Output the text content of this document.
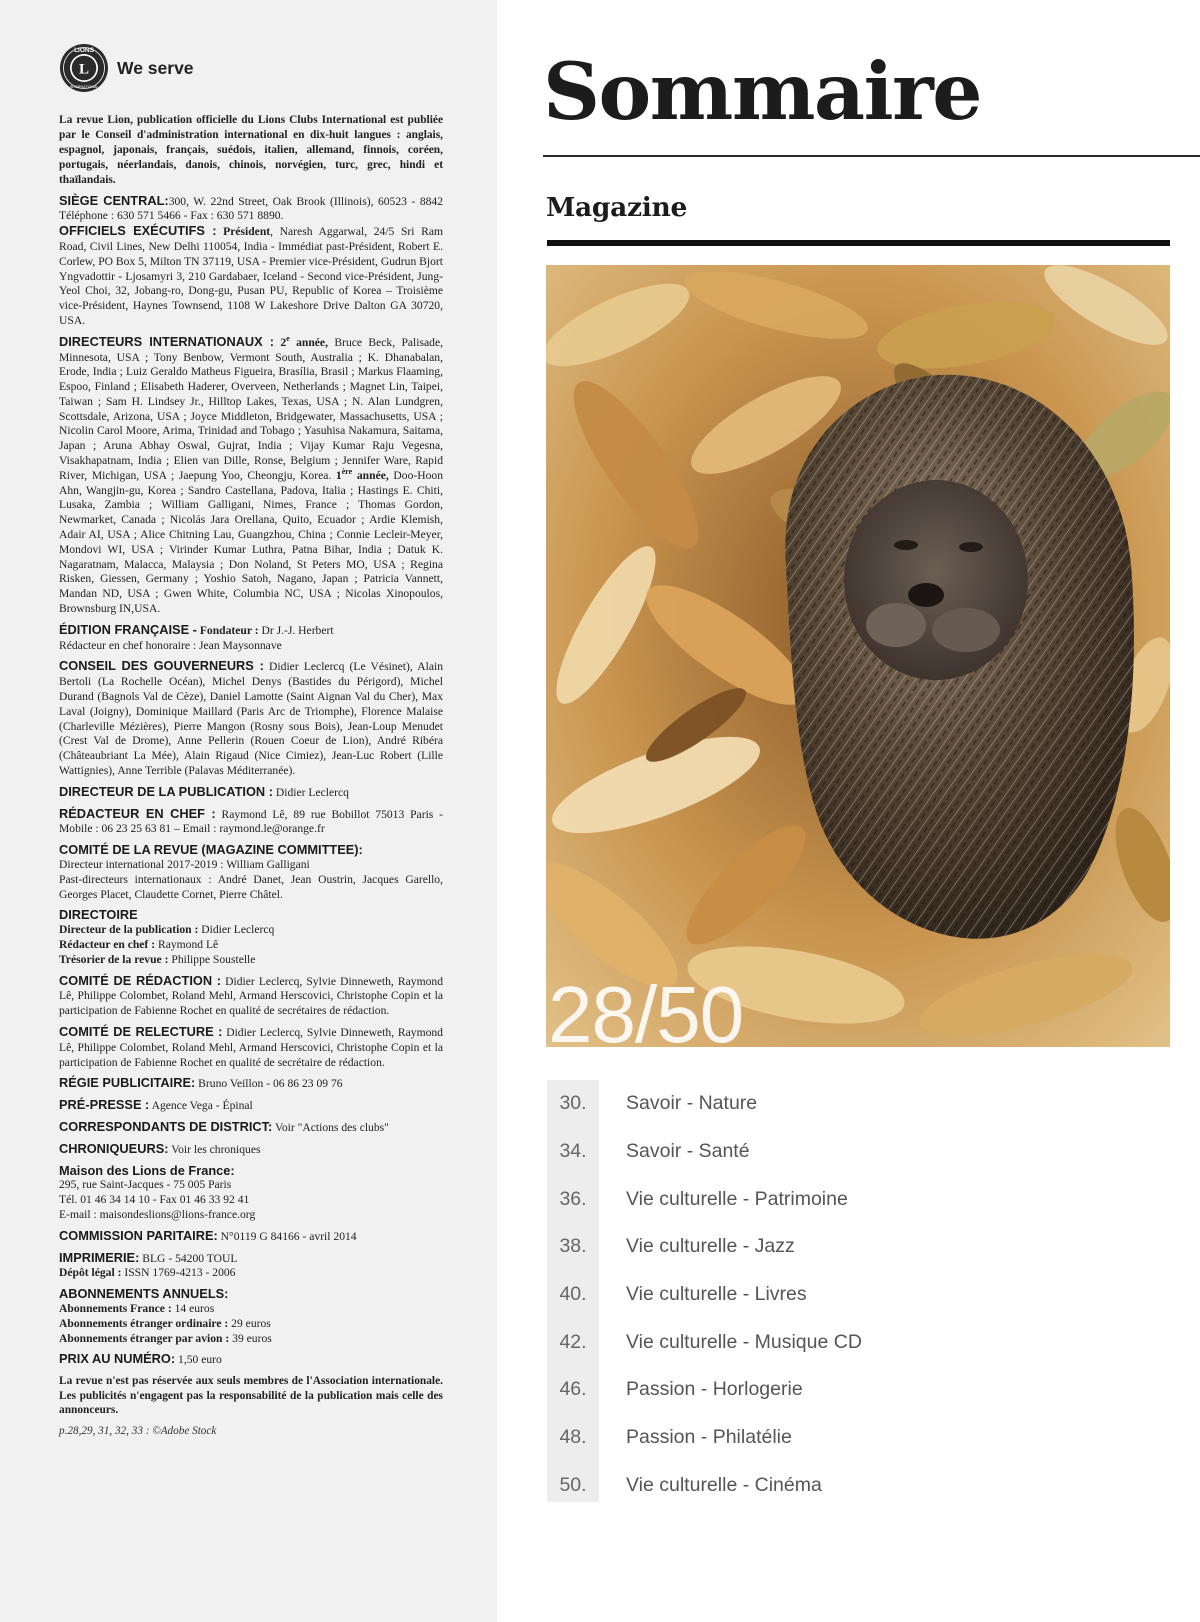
L
LIONS
INTERNATIONAL
We serve
La revue Lion, publication officielle du Lions Clubs International est publiée par le Conseil d'administration international en dix-huit langues : anglais, espagnol, japonais, français, suédois, italien, allemand, finnois, coréen, portugais, néerlandais, danois, chinois, norvégien, turc, grec, hindi et thaïlandais.
SIÈGE CENTRAL:300, W. 22nd Street, Oak Brook (Illinois), 60523 - 8842 Téléphone : 630 571 5466 - Fax : 630 571 8890.
OFFICIELS EXÉCUTIFS : Président, Naresh Aggarwal, 24/5 Sri Ram Road, Civil Lines, New Delhi 110054, India - Immédiat past-Président, Robert E. Corlew, PO Box 5, Milton TN 37119, USA - Premier vice-Président, Gudrun Bjort Yngvadottir - Ljosamyri 3, 210 Gardabaer, Iceland - Second vice-Président, Jung-Yeol Choi, 32, Jobang-ro, Dong-gu, Pusan PU, Republic of Korea – Troisième vice-Président, Haynes Townsend, 1108 W Lakeshore Drive Dalton GA 30720, USA.
DIRECTEURS INTERNATIONAUX : 2e année, Bruce Beck, Palisade, Minnesota, USA ; Tony Benbow, Vermont South, Australia ; K. Dhanabalan, Erode, India ; Luiz Geraldo Matheus Figueira, Brasília, Brasil ; Markus Flaaming, Espoo, Finland ; Elisabeth Haderer, Overveen, Netherlands ; Magnet Lin, Taipei, Taiwan ; Sam H. Lindsey Jr., Hilltop Lakes, Texas, USA ; N. Alan Lundgren, Scottsdale, Arizona, USA ; Joyce Middleton, Bridgewater, Massachusetts, USA ; Nicolin Carol Moore, Arima, Trinidad and Tobago ; Yasuhisa Nakamura, Saitama, Japan ; Aruna Abhay Oswal, Gujrat, India ; Vijay Kumar Raju Vegesna, Visakhapatnam, India ; Elien van Dille, Ronse, Belgium ; Jennifer Ware, Rapid River, Michigan, USA ; Jaepung Yoo, Cheongju, Korea. 1ère année, Doo-Hoon Ahn, Wangjin-gu, Korea ; Sandro Castellana, Padova, Italia ; Hastings E. Chiti, Lusaka, Zambia ; William Galligani, Nimes, France ; Thomas Gordon, Newmarket, Canada ; Nicolás Jara Orellana, Quito, Ecuador ; Ardie Klemish, Adair AI, USA ; Alice Chitning Lau, Guangzhou, China ; Connie Lecleir-Meyer, Mondovi WI, USA ; Virinder Kumar Luthra, Patna Bihar, India ; Datuk K. Nagaratnam, Malacca, Malaysia ; Don Noland, St Peters MO, USA ; Regina Risken, Giessen, Germany ; Yoshio Satoh, Nagano, Japan ; Patricia Vannett, Mandan ND, USA ; Gwen White, Columbia NC, USA ; Nicolas Xinopoulos, Brownsburg IN,USA.
ÉDITION FRANÇAISE - Fondateur : Dr J.-J. Herbert
Rédacteur en chef honoraire : Jean Maysonnave
CONSEIL DES GOUVERNEURS : Didier Leclercq (Le Vésinet), Alain Bertoli (La Rochelle Océan), Michel Denys (Bastides du Périgord), Michel Durand (Bagnols Val de Cèze), Daniel Lamotte (Saint Aignan Val du Cher), Max Laval (Joigny), Dominique Maillard (Paris Arc de Triomphe), Florence Malaise (Charleville Mézières), Pierre Mangon (Rosny sous Bois), Jean-Loup Menudet (Crest Val de Drome), Anne Pellerin (Rouen Coeur de Lion), André Ribéra (Châteaubriant La Mée), Alain Rigaud (Nice Cimiez), Jean-Luc Robert (Lille Wattignies), Anne Terrible (Palavas Méditerranée).
DIRECTEUR DE LA PUBLICATION : Didier Leclercq
RÉDACTEUR EN CHEF : Raymond Lê, 89 rue Bobillot 75013 Paris - Mobile : 06 23 25 63 81 – Email : raymond.le@orange.fr
COMITÉ DE LA REVUE (MAGAZINE COMMITTEE):
Directeur international 2017-2019 : William Galligani
Past-directeurs internationaux : André Danet, Jean Oustrin, Jacques Garello, Georges Placet, Claudette Cornet, Pierre Châtel.
DIRECTOIRE
Directeur de la publication : Didier Leclercq
Rédacteur en chef : Raymond Lê
Trésorier de la revue : Philippe Soustelle
COMITÉ DE RÉDACTION : Didier Leclercq, Sylvie Dinneweth, Raymond Lê, Philippe Colombet, Roland Mehl, Armand Herscovici, Christophe Copin et la participation de Fabienne Rochet en qualité de secrétaires de rédaction.
COMITÉ DE RELECTURE : Didier Leclercq, Sylvie Dinneweth, Raymond Lê, Philippe Colombet, Roland Mehl, Armand Herscovici, Christophe Copin et la participation de Fabienne Rochet en qualité de secrétaire de rédaction.
RÉGIE PUBLICITAIRE: Bruno Veillon - 06 86 23 09 76
PRÉ-PRESSE : Agence Vega - Épinal
CORRESPONDANTS DE DISTRICT: Voir "Actions des clubs"
CHRONIQUEURS: Voir les chroniques
Maison des Lions de France:
295, rue Saint-Jacques - 75 005 Paris
Tél. 01 46 34 14 10 - Fax 01 46 33 92 41
E-mail : maisondeslions@lions-france.org
COMMISSION PARITAIRE: N°0119 G 84166 - avril 2014
IMPRIMERIE: BLG - 54200 TOUL
Dépôt légal : ISSN 1769-4213 - 2006
ABONNEMENTS ANNUELS:
Abonnements France : 14 euros
Abonnements étranger ordinaire : 29 euros
Abonnements étranger par avion : 39 euros
PRIX AU NUMÉRO: 1,50 euro
La revue n'est pas réservée aux seuls membres de l'Association internationale. Les publicités n'engagent pas la responsabilité de la publication mais celle des annonceurs.
p.28,29, 31, 32, 33 : ©Adobe Stock
Sommaire
Magazine
28/50
30.	Savoir - Nature
34.	Savoir - Santé
36.	Vie culturelle - Patrimoine
38.	Vie culturelle - Jazz
40.	Vie culturelle - Livres
42.	Vie culturelle - Musique CD
46.	Passion - Horlogerie
48.	Passion - Philatélie
50.	Vie culturelle - Cinéma
